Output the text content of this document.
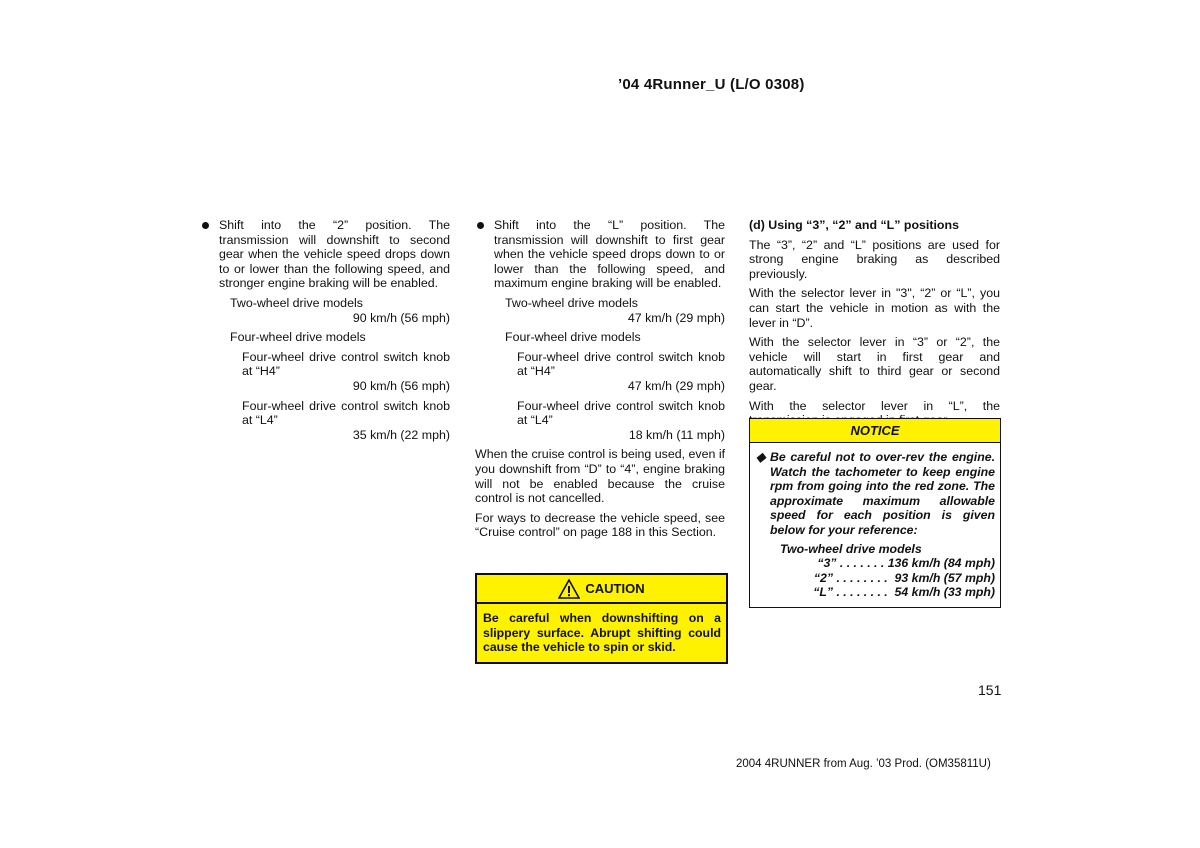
’04 4Runner_U (L/O 0308)
Shift into the “2” position. The transmission will downshift to second gear when the vehicle speed drops down to or lower than the following speed, and stronger engine braking will be enabled.
Two-wheel drive models
90 km/h (56 mph)
Four-wheel drive models
Four-wheel drive control switch knob at “H4”
90 km/h (56 mph)
Four-wheel drive control switch knob at “L4”
35 km/h (22 mph)
Shift into the “L” position. The transmission will downshift to first gear when the vehicle speed drops down to or lower than the following speed, and maximum engine braking will be enabled.
Two-wheel drive models
47 km/h (29 mph)
Four-wheel drive models
Four-wheel drive control switch knob at “H4”
47 km/h (29 mph)
Four-wheel drive control switch knob at “L4”
18 km/h (11 mph)

When the cruise control is being used, even if you downshift from “D” to “4”, engine braking will not be enabled because the cruise control is not cancelled.

For ways to decrease the vehicle speed, see “Cruise control” on page 188 in this Section.

CAUTION
Be careful when downshifting on a slippery surface. Abrupt shifting could cause the vehicle to spin or skid.

(d) Using “3”, “2” and “L” positions

The “3”, “2” and “L” positions are used for strong engine braking as described previously.

With the selector lever in "3", “2” or “L”, you can start the vehicle in motion as with the lever in “D”.

With the selector lever in “3” or “2”, the vehicle will start in first gear and automatically shift to third gear or second gear.

With the selector lever in “L”, the

NOTICE
◆ Be careful not to over-rev the engine. Watch the tachometer to keep engine rpm from going into the red zone. The approximate maximum allowable speed for each position is given below for your reference:
Two-wheel drive models
“3” . . . . . . . 136 km/h (84 mph)
“2” . . . . . . . .  93 km/h (57 mph)
“L” . . . . . . . .  54 km/h (33 mph)
151
2004 4RUNNER from Aug. ’03 Prod. (OM35811U)
